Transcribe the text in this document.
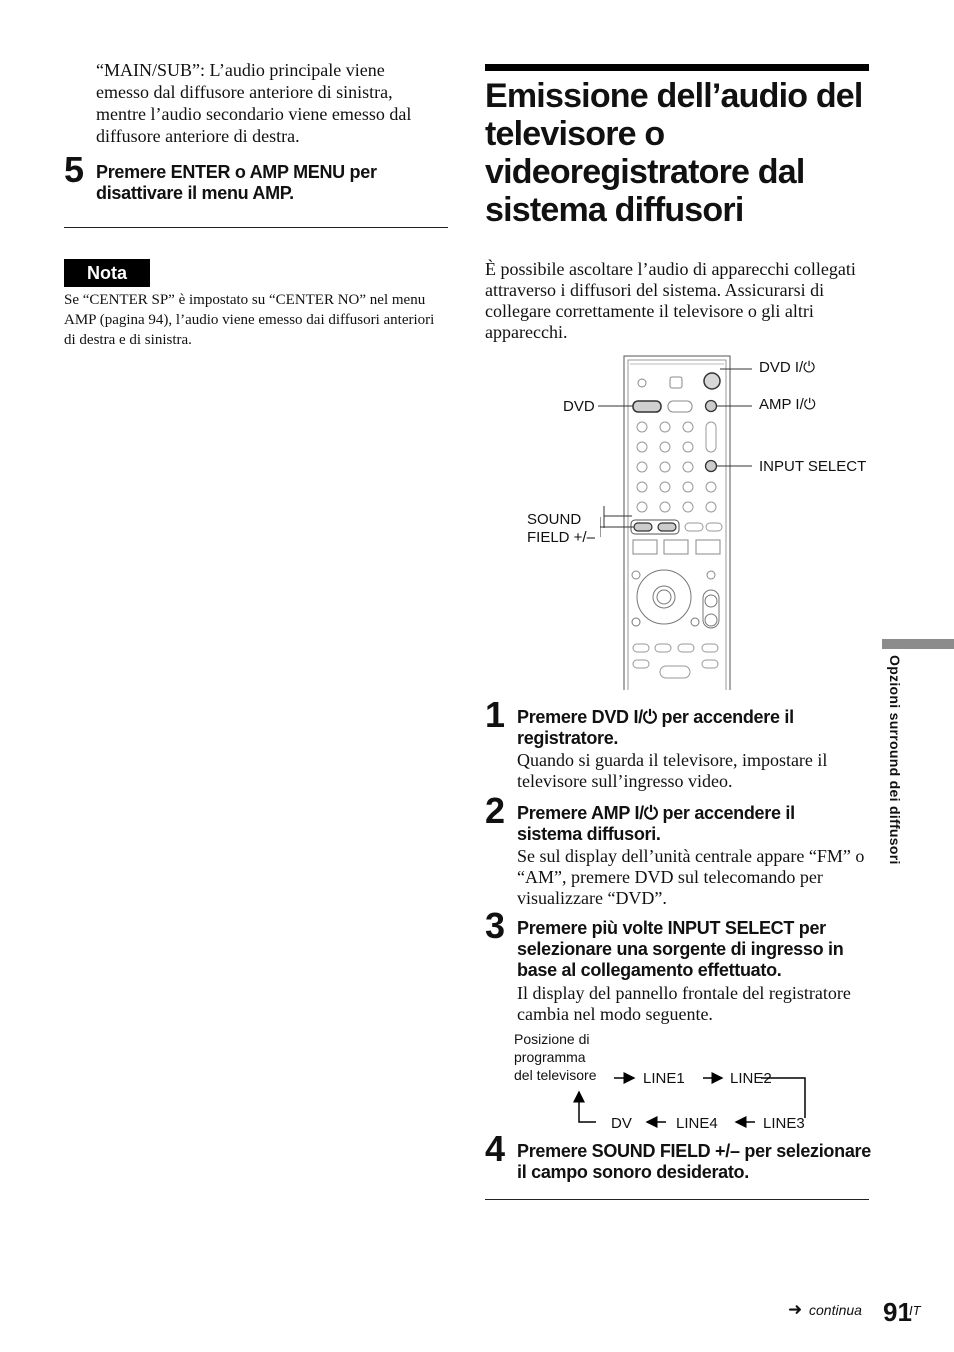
“MAIN/SUB”: L’audio principale viene emesso dal diffusore anteriore di sinistra, mentre l’audio secondario viene emesso dal diffusore anteriore di destra.
5 Premere ENTER o AMP MENU per
disattivare il menu AMP.
Nota
Se “CENTER SP” è impostato su “CENTER NO” nel menu AMP (pagina 94), l’audio viene emesso dai diffusori anteriori di destra e di sinistra.
Emissione dell’audio del
televisore o
videoregistratore dal
sistema diffusori
È possibile ascoltare l’audio di apparecchi collegati attraverso i diffusori del sistema. Assicurarsi di collegare correttamente il televisore o gli altri apparecchi.
DVD I/⏻
DVD	AMP I/⏻
INPUT SELECT
SOUND
FIELD +/–
1 Premere DVD I/⏻ per accendere il
registratore.
Quando si guarda il televisore, impostare il televisore sull’ingresso video.
2 Premere AMP I/⏻ per accendere il
sistema diffusori.
Se sul display dell’unità centrale appare “FM” o “AM”, premere DVD sul telecomando per visualizzare “DVD”.
3 Premere più volte INPUT SELECT per
selezionare una sorgente di ingresso in
base al collegamento effettuato.
Il display del pannello frontale del registratore cambia nel modo seguente.
Posizione di
programma
del televisore	LINE1	LINE2
LINE3
LINE4
DV
4 Premere SOUND FIELD +/– per selezionare
il campo sonoro desiderato.
Opzioni surround dei diffusori
➜ continua 91
IT
